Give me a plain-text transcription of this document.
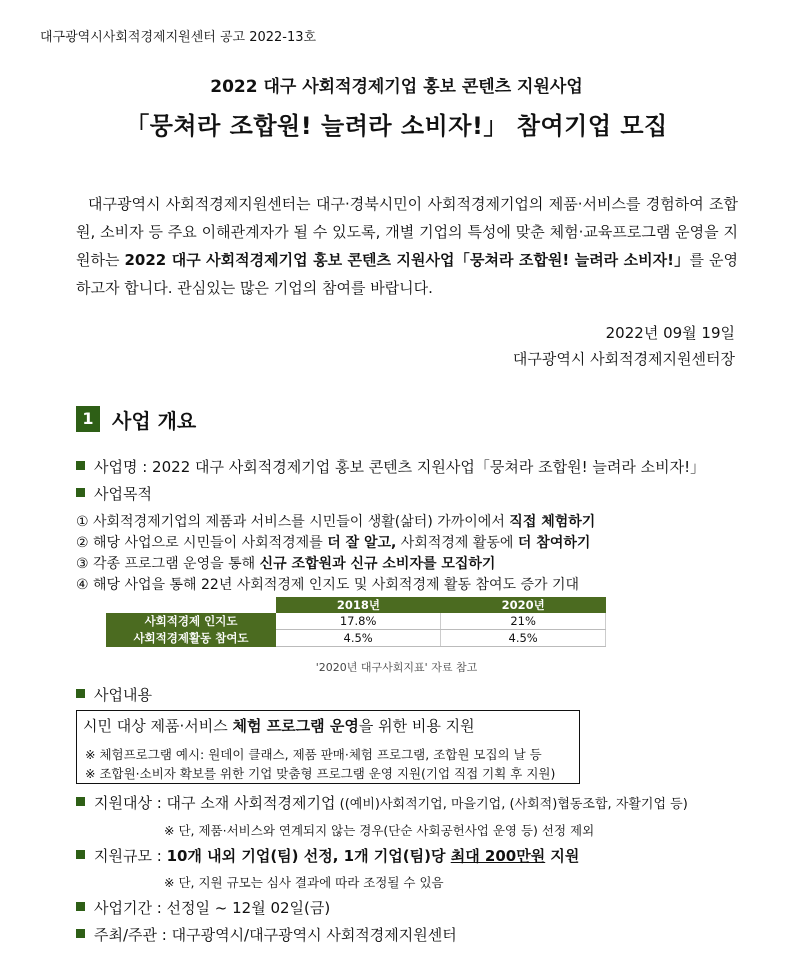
대구광역시사회적경제지원센터 공고 2022-13호
2022 대구 사회적경제기업 홍보 콘텐츠 지원사업
「뭉쳐라 조합원! 늘려라 소비자!」 참여기업 모집
대구광역시 사회적경제지원센터는 대구·경북시민이 사회적경제기업의 제품·서비스를 경험하여 조합원, 소비자 등 주요 이해관계자가 될 수 있도록, 개별 기업의 특성에 맞춘 체험·교육프로그램 운영을 지원하는 2022 대구 사회적경제기업 홍보 콘텐츠 지원사업「뭉쳐라 조합원! 늘려라 소비자!」를 운영하고자 합니다. 관심있는 많은 기업의 참여를 바랍니다.
2022년 09월 19일
대구광역시 사회적경제지원센터장
1 사업 개요
사업명 : 2022 대구 사회적경제기업 홍보 콘텐츠 지원사업「뭉쳐라 조합원! 늘려라 소비자!」
사업목적
① 사회적경제기업의 제품과 서비스를 시민들이 생활(삶터) 가까이에서 직접 체험하기
② 해당 사업으로 시민들이 사회적경제를 더 잘 알고, 사회적경제 활동에 더 참여하기
③ 각종 프로그램 운영을 통해 신규 조합원과 신규 소비자를 모집하기
④ 해당 사업을 통해 22년 사회적경제 인지도 및 사회적경제 활동 참여도 증가 기대
	2018년	2020년
사회적경제 인지도	17.8%	21%
사회적경제활동 참여도	4.5%	4.5%
'2020년 대구사회지표' 자료 참고
사업내용
시민 대상 제품·서비스 체험 프로그램 운영을 위한 비용 지원
※ 체험프로그램 예시: 원데이 클래스, 제품 판매·체험 프로그램, 조합원 모집의 날 등
※ 조합원·소비자 확보를 위한 기업 맞춤형 프로그램 운영 지원(기업 직접 기획 후 지원)
지원대상 : 대구 소재 사회적경제기업 ((예비)사회적기업, 마을기업, (사회적)협동조합, 자활기업 등)
※ 단, 제품·서비스와 연계되지 않는 경우(단순 사회공헌사업 운영 등) 선정 제외
지원규모 : 10개 내외 기업(팀) 선정, 1개 기업(팀)당 최대 200만원 지원
※ 단, 지원 규모는 심사 결과에 따라 조정될 수 있음
사업기간 : 선정일 ~ 12월 02일(금)
주최/주관 : 대구광역시/대구광역시 사회적경제지원센터
